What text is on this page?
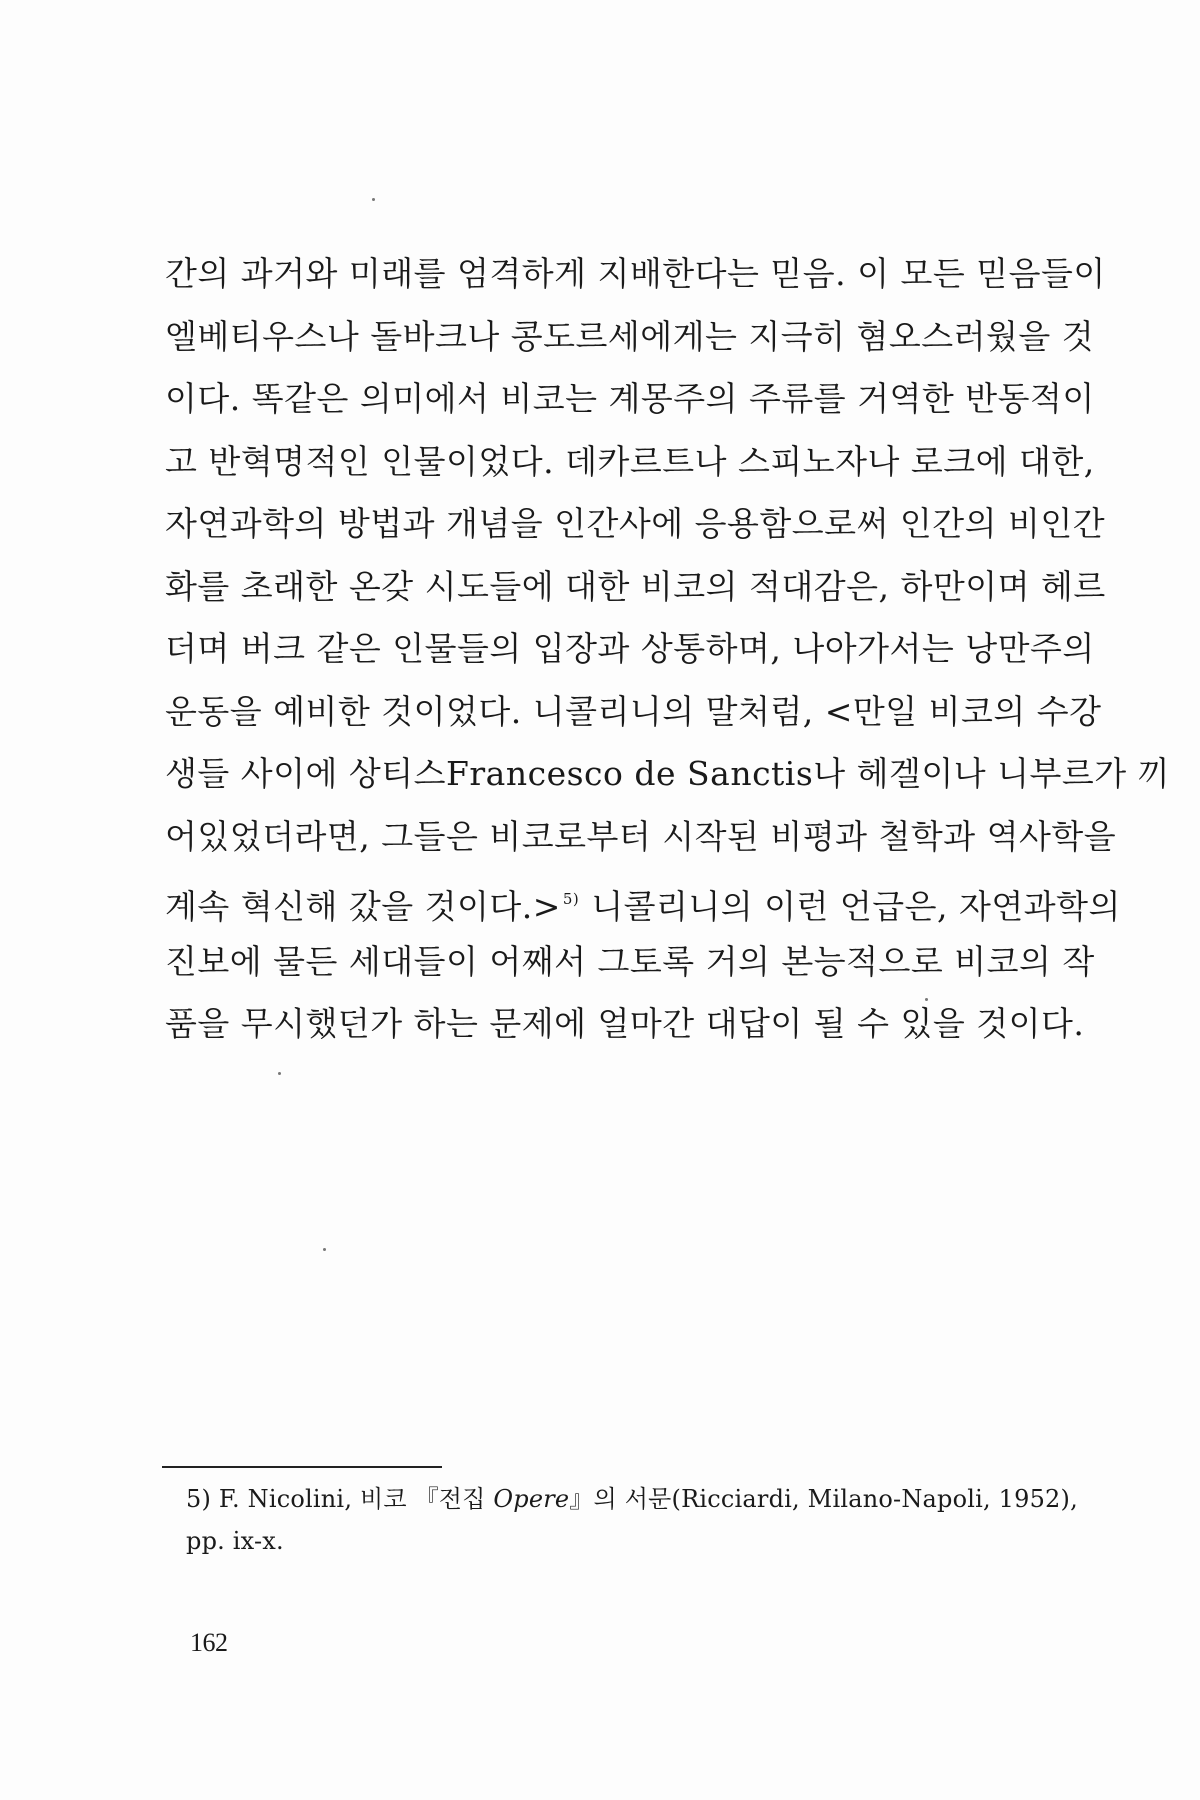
간의 과거와 미래를 엄격하게 지배한다는 믿음. 이 모든 믿음들이
엘베티우스나 돌바크나 콩도르세에게는 지극히 혐오스러웠을 것
이다. 똑같은 의미에서 비코는 계몽주의 주류를 거역한 반동적이
고 반혁명적인 인물이었다. 데카르트나 스피노자나 로크에 대한,
자연과학의 방법과 개념을 인간사에 응용함으로써 인간의 비인간
화를 초래한 온갖 시도들에 대한 비코의 적대감은, 하만이며 헤르
더며 버크 같은 인물들의 입장과 상통하며, 나아가서는 낭만주의
운동을 예비한 것이었다. 니콜리니의 말처럼, <만일 비코의 수강
생들 사이에 상티스Francesco de Sanctis나 헤겔이나 니부르가 끼
어있었더라면, 그들은 비코로부터 시작된 비평과 철학과 역사학을
계속 혁신해 갔을 것이다.> $^{5)}$ 니콜리니의 이런 언급은, 자연과학의
진보에 물든 세대들이 어째서 그토록 거의 본능적으로 비코의 작
품을 무시했던가 하는 문제에 얼마간 대답이 될 수 있을 것이다.
5) F. Nicolini, 비코 『전집 Opere』의 서문(Ricciardi, Milano-Napoli, 1952),
pp. ix-x.
162
